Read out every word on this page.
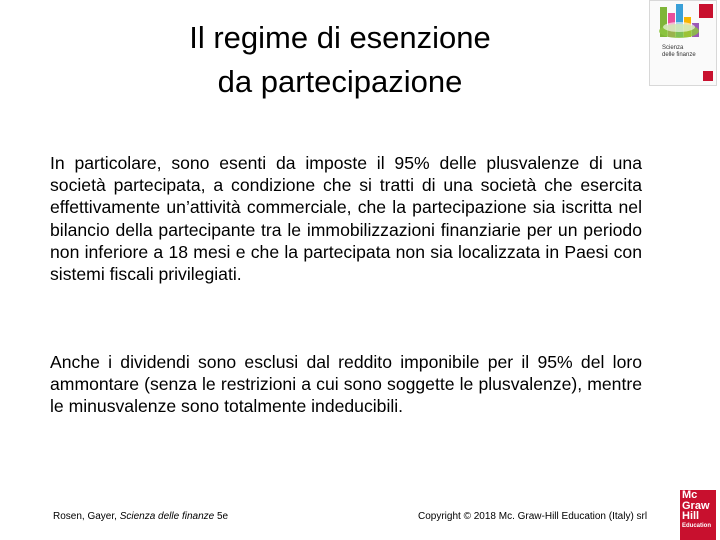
Il regime di esenzione
da partecipazione
Scienza
delle finanze

In particolare, sono esenti da imposte il 95% delle plusvalenze di una società partecipata, a condizione che si tratti di una società che esercita effettivamente un’attività commerciale, che la partecipazione sia iscritta nel bilancio della partecipante tra le immobilizzazioni finanziarie per un periodo non inferiore a 18 mesi e che la partecipata non sia localizzata in Paesi con sistemi fiscali privilegiati.

Anche i dividendi sono esclusi dal reddito imponibile per il 95% del loro ammontare (senza le restrizioni a cui sono soggette le plusvalenze), mentre le minusvalenze sono totalmente indeducibili.

Rosen, Gayer, Scienza delle finanze 5e	Copyright © 2018 Mc. Graw-Hill Education (Italy) srl
Mc
Graw
Hill
Education
